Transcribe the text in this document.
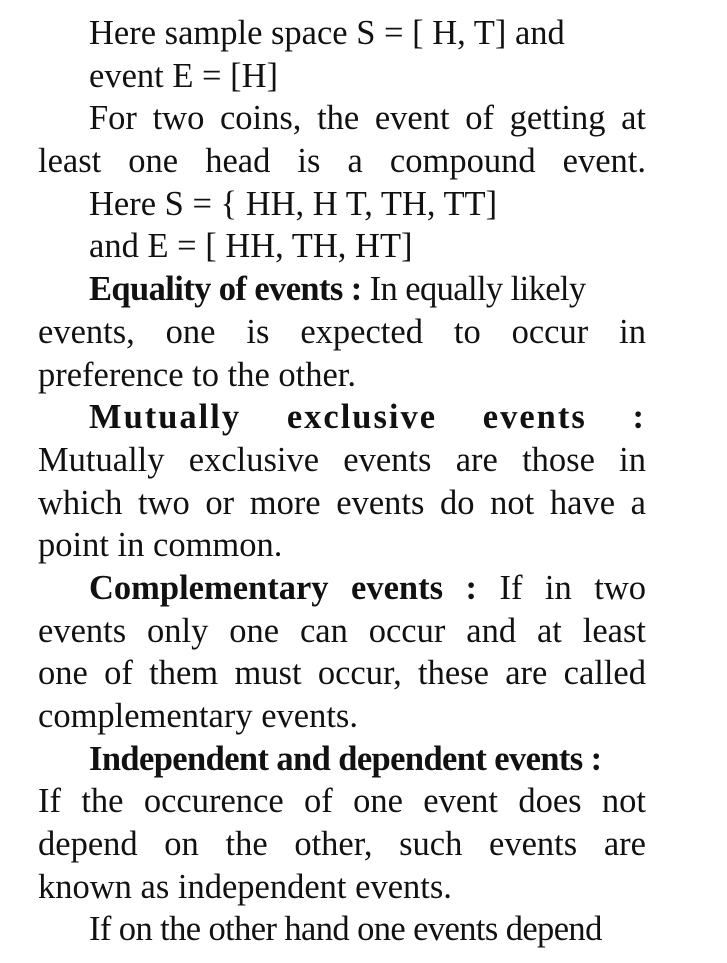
Here sample space S = [ H, T] and
event E = [H]
For two coins, the event of getting at
least one head is a compound event.
Here S = { HH, H T, TH, TT]
and E = [ HH, TH, HT]
Equality of events : In equally likely
events, one is expected to occur in
preference to the other.
Mutually exclusive events :
Mutually exclusive events are those in
which two or more events do not have a
point in common.
Complementary events : If in two
events only one can occur and at least
one of them must occur, these are called
complementary events.
Independent and dependent events :
If the occurence of one event does not
depend on the other, such events are
known as independent events.
If on the other hand one events depend
